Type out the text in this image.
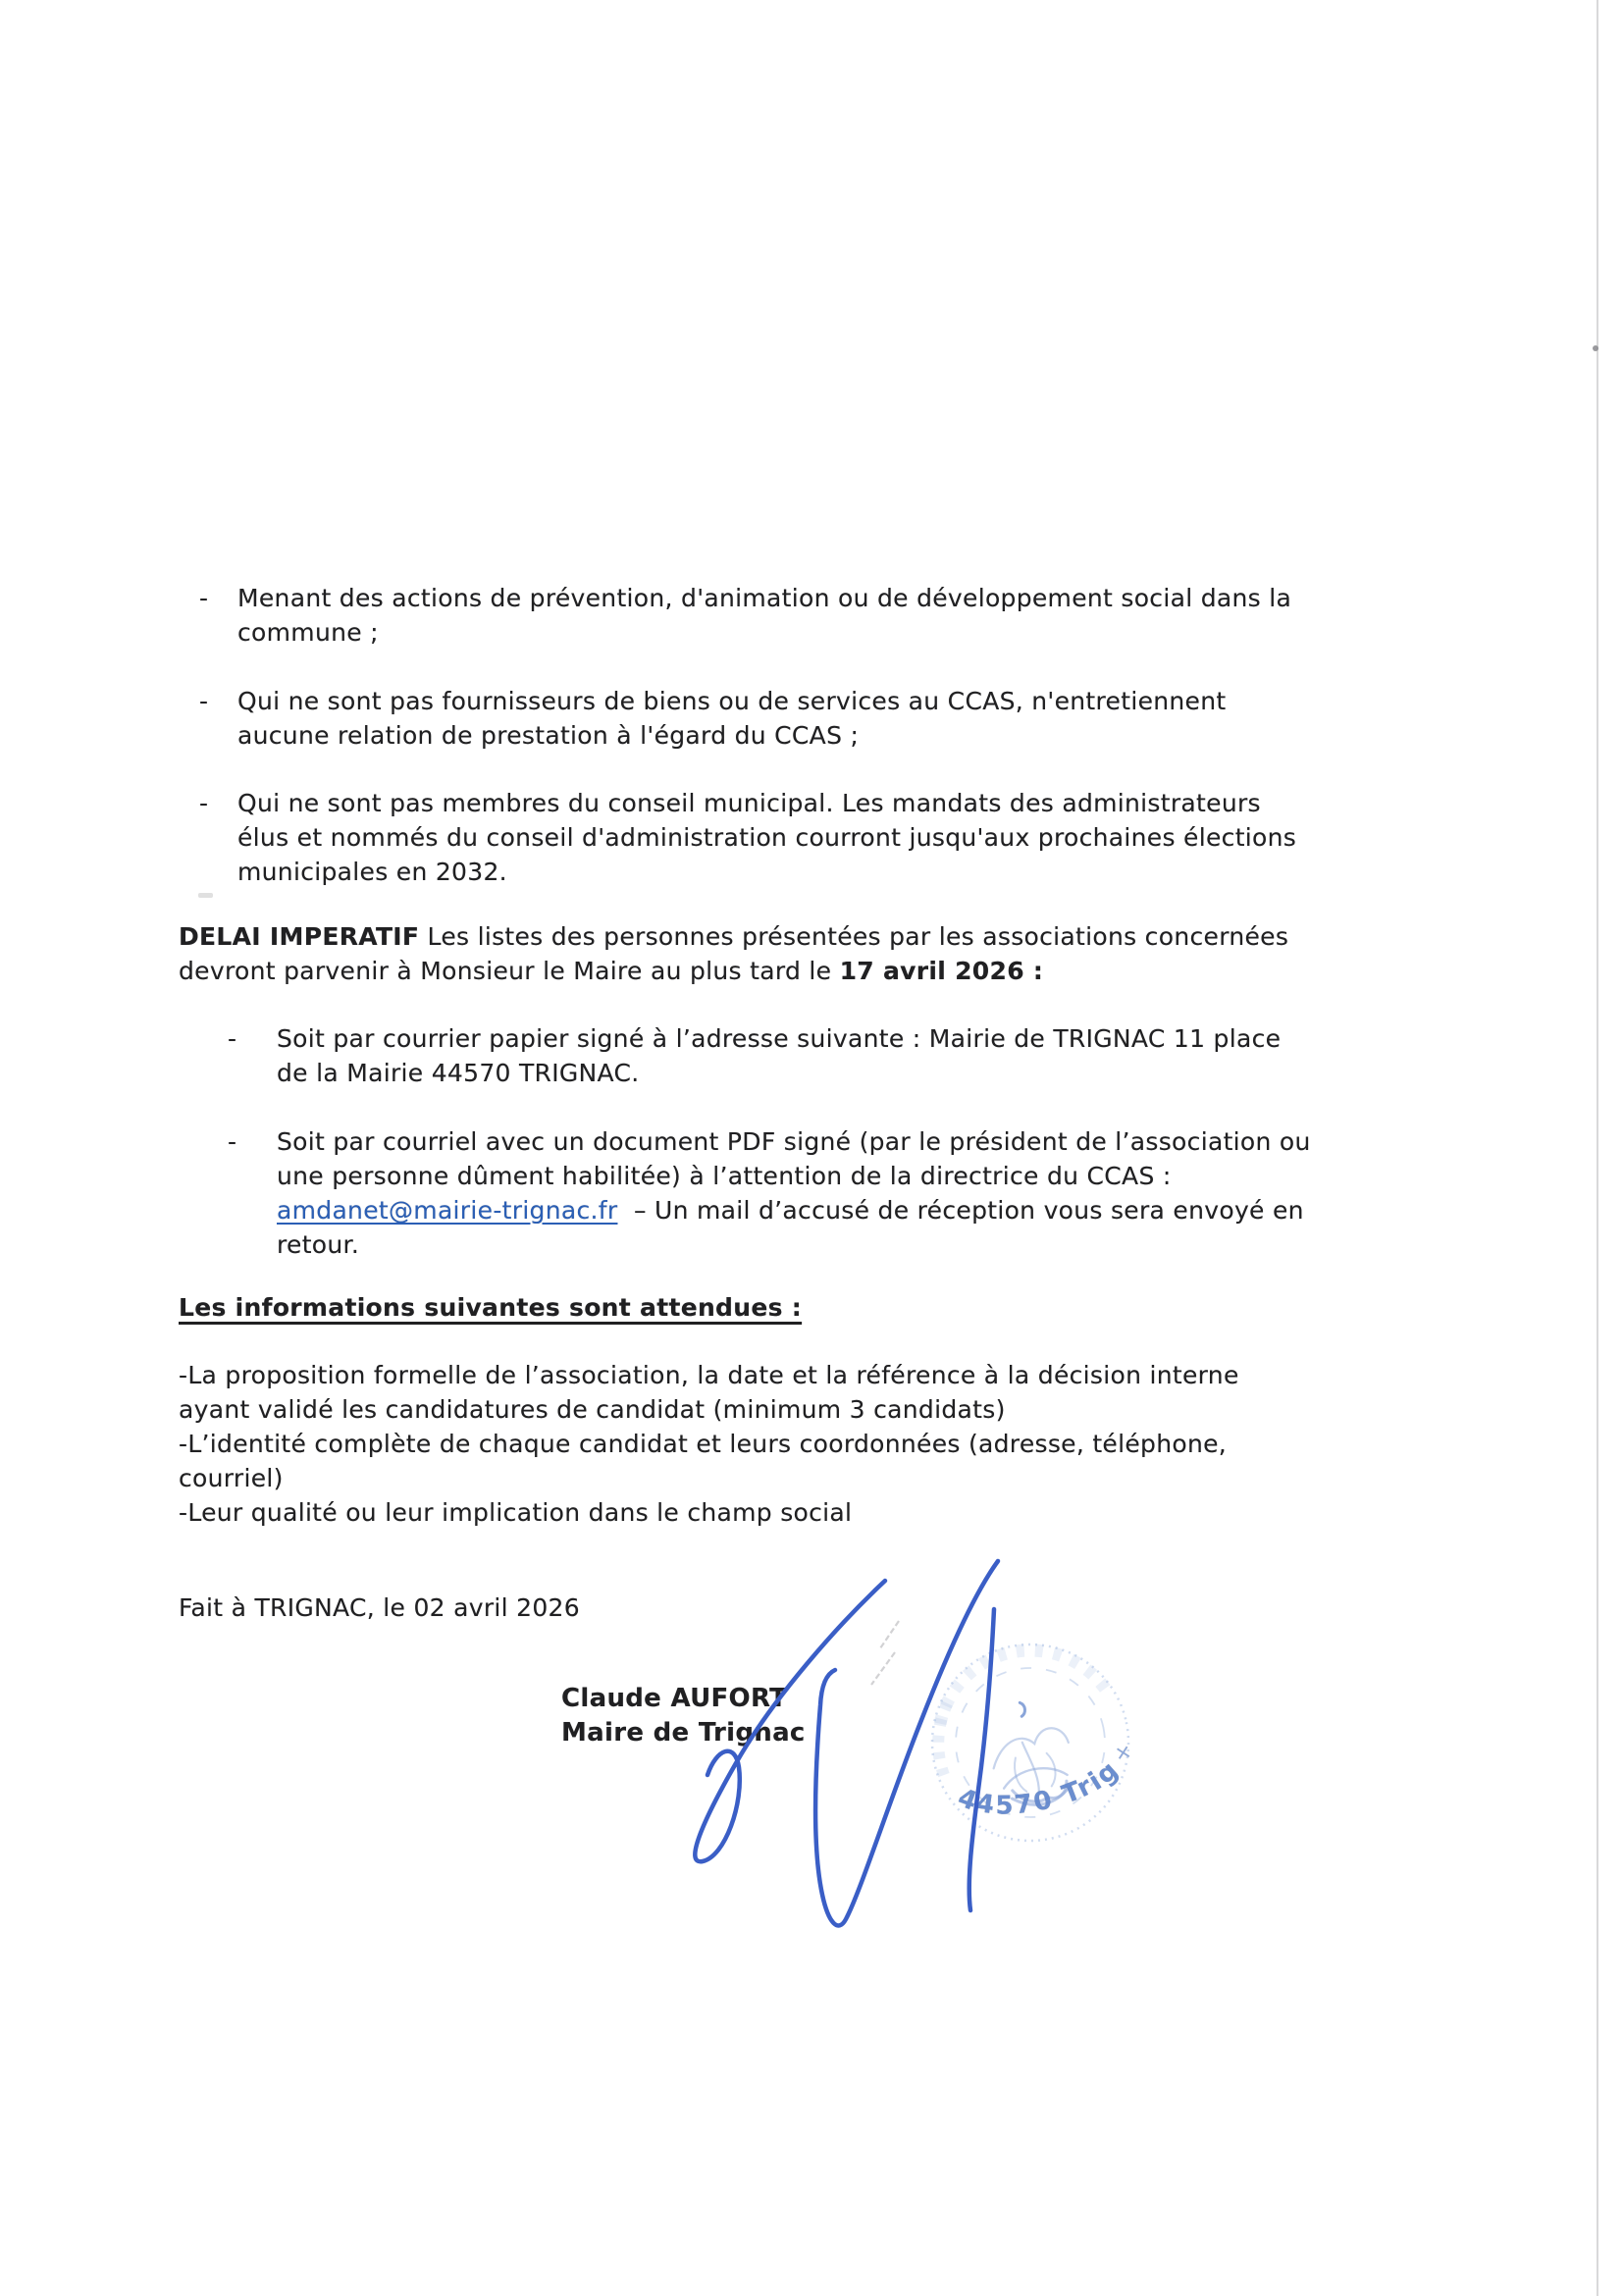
- Menant des actions de prévention, d'animation ou de développement social dans la
commune ;
- Qui ne sont pas fournisseurs de biens ou de services au CCAS, n'entretiennent
aucune relation de prestation à l'égard du CCAS ;
- Qui ne sont pas membres du conseil municipal. Les mandats des administrateurs
élus et nommés du conseil d'administration courront jusqu'aux prochaines élections
municipales en 2032.
DELAI IMPERATIF Les listes des personnes présentées par les associations concernées
devront parvenir à Monsieur le Maire au plus tard le 17 avril 2026 :
- Soit par courrier papier signé à l’adresse suivante : Mairie de TRIGNAC 11 place
de la Mairie 44570 TRIGNAC.
- Soit par courriel avec un document PDF signé (par le président de l’association ou
une personne dûment habilitée) à l’attention de la directrice du CCAS :
amdanet@mairie-trignac.fr  – Un mail d’accusé de réception vous sera envoyé en
retour.
Les informations suivantes sont attendues :
-La proposition formelle de l’association, la date et la référence à la décision interne
ayant validé les candidatures de candidat (minimum 3 candidats)
-L’identité complète de chaque candidat et leurs coordonnées (adresse, téléphone,
courriel)
-Leur qualité ou leur implication dans le champ social
Fait à TRIGNAC, le 02 avril 2026
Claude AUFORT
Maire de Trignac
×
44570 Trignac
